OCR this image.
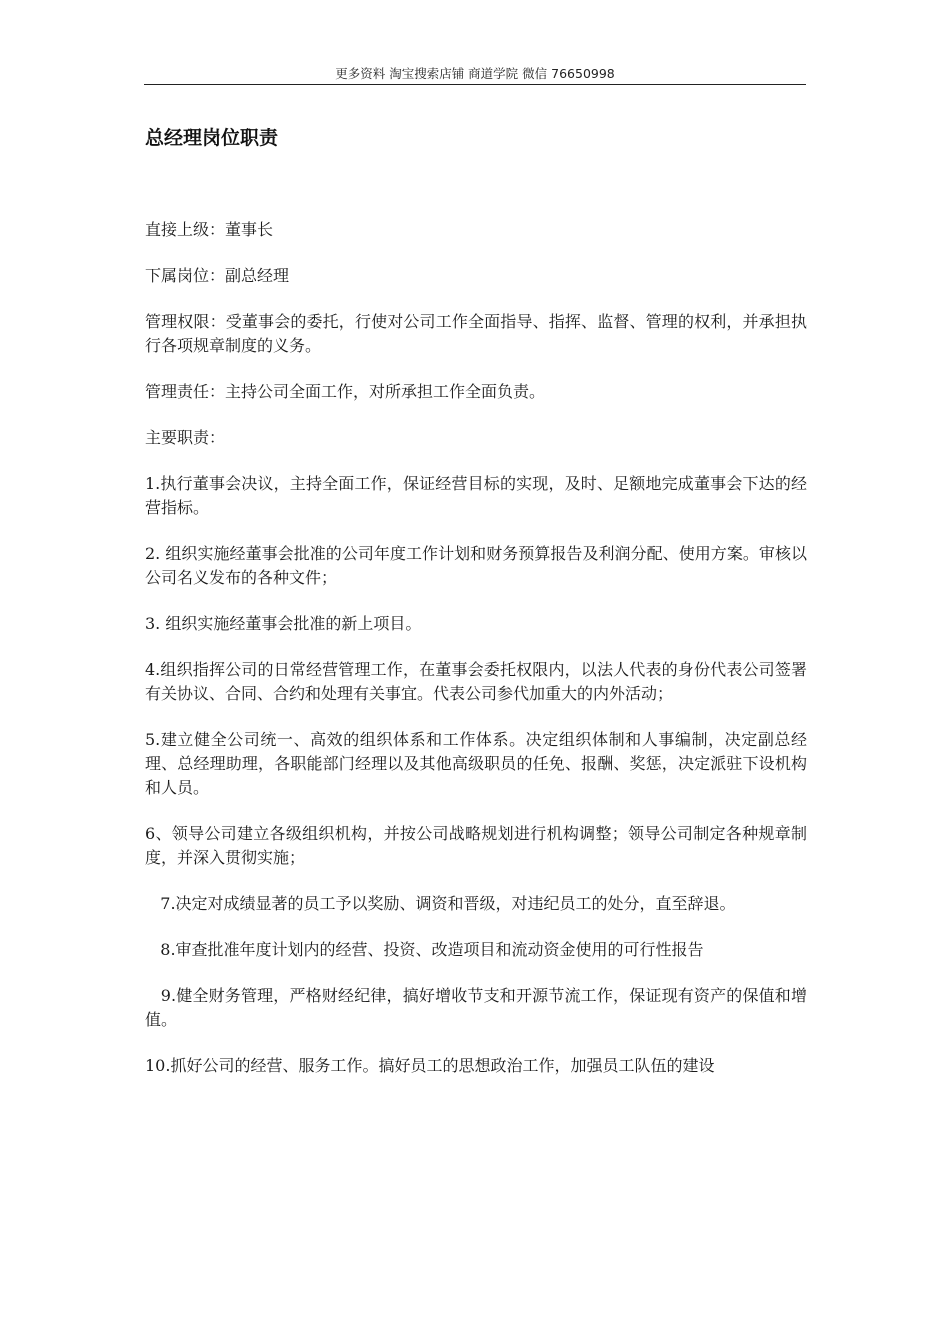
更多资料 淘宝搜索店铺 商道学院 微信 76650998
总经理岗位职责

直接上级：董事长

下属岗位：副总经理

管理权限：受董事会的委托，行使对公司工作全面指导、指挥、监督、管理的权利，并承担执行各项规章制度的义务。

管理责任：主持公司全面工作，对所承担工作全面负责。

主要职责：

1.执行董事会决议，主持全面工作，保证经营目标的实现，及时、足额地完成董事会下达的经营指标。

2. 组织实施经董事会批准的公司年度工作计划和财务预算报告及利润分配、使用方案。审核以公司名义发布的各种文件；

3. 组织实施经董事会批准的新上项目。

4.组织指挥公司的日常经营管理工作，在董事会委托权限内，以法人代表的身份代表公司签署有关协议、合同、合约和处理有关事宜。代表公司参代加重大的内外活动；

5.建立健全公司统一、高效的组织体系和工作体系。决定组织体制和人事编制，决定副总经理、总经理助理，各职能部门经理以及其他高级职员的任免、报酬、奖惩，决定派驻下设机构和人员。

6、领导公司建立各级组织机构，并按公司战略规划进行机构调整；领导公司制定各种规章制度，并深入贯彻实施；

7.决定对成绩显著的员工予以奖励、调资和晋级，对违纪员工的处分，直至辞退。

8.审查批准年度计划内的经营、投资、改造项目和流动资金使用的可行性报告

9.健全财务管理，严格财经纪律，搞好增收节支和开源节流工作，保证现有资产的保值和增值。

10.抓好公司的经营、服务工作。搞好员工的思想政治工作，加强员工队伍的建设
